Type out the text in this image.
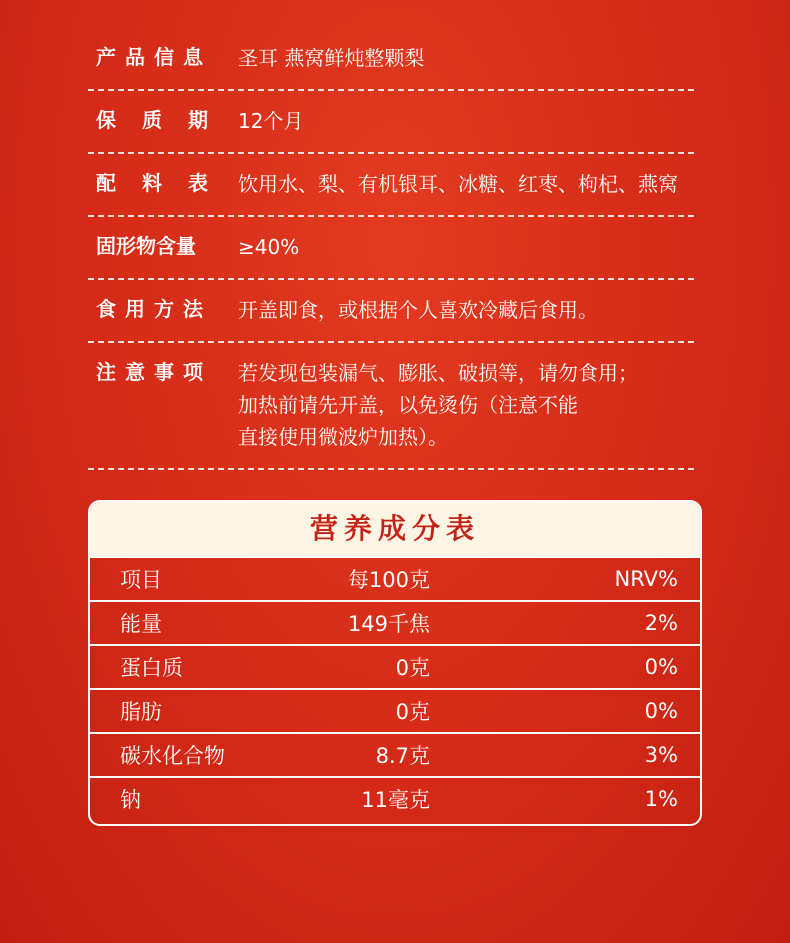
产品信息	圣耳 燕窝鲜炖整颗梨

保质期 12个月

配料表 饮用水、梨、有机银耳、冰糖、红枣、枸杞、燕窝

固形物含量	≥40%

食用方法	开盖即食，或根据个人喜欢冷藏后食用。

注意事项	若发现包装漏气、膨胀、破损等，请勿食用；

加热前请先开盖，以免烫伤（注意不能

直接使用微波炉加热）。

营养成分表
项目	每100克	NRV%
能量	149千焦	2%
蛋白质	0克	0%
脂肪	0克	0%
碳水化合物	8.7克	3%
钠	11毫克	1%
